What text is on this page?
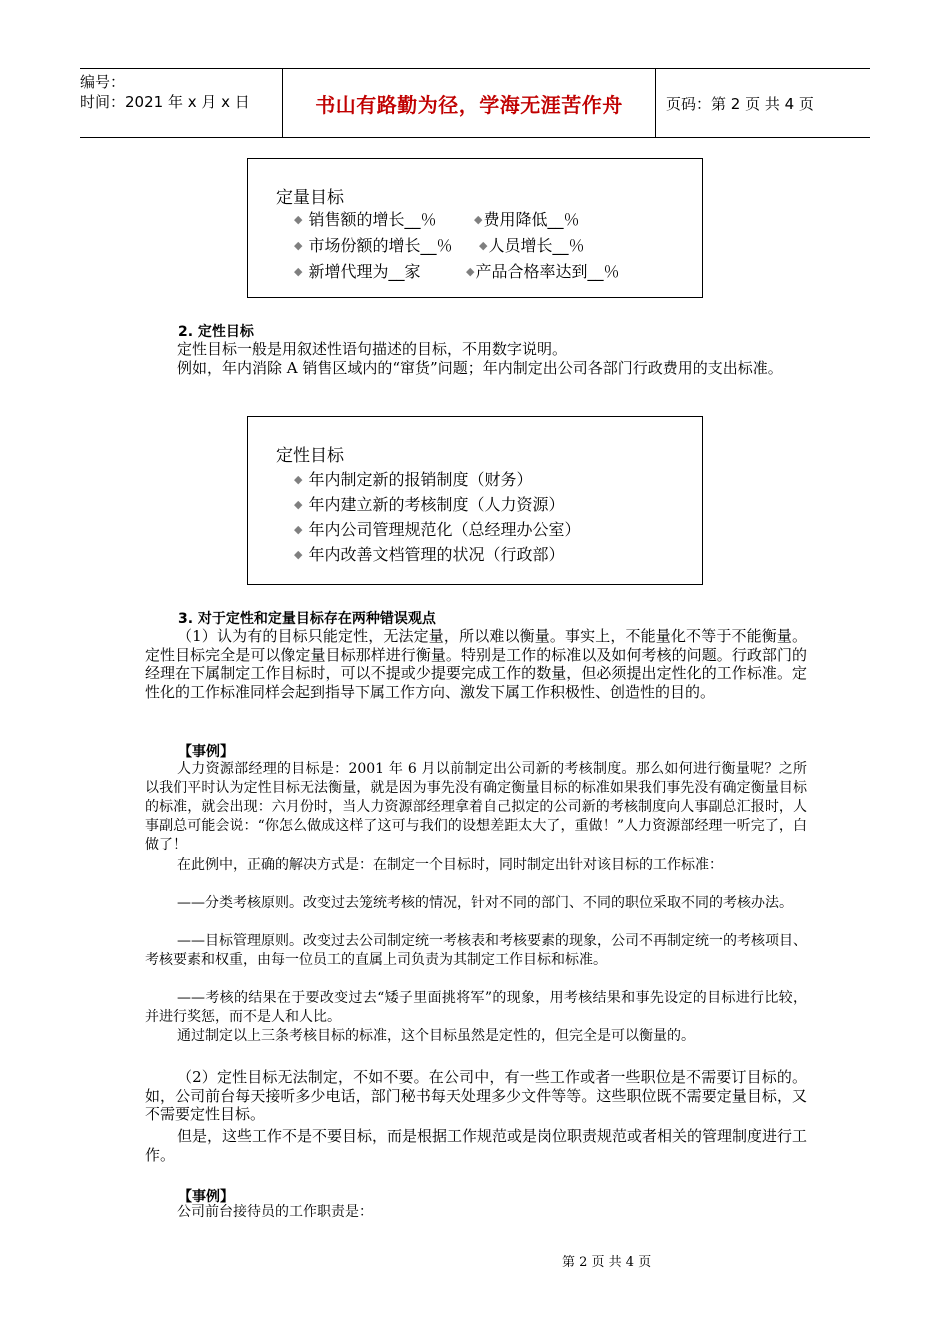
编号：
时间：2021 年 x 月 x 日	书山有路勤为径，学海无涯苦作舟	页码：第 2 页 共 4 页
定量目标
◆ 销售额的增长__％	◆费用降低__％
◆ 市场份额的增长__％ ◆人员增长__％
◆ 新增代理为__家	◆产品合格率达到__％
2. 定性目标
定性目标一般是用叙述性语句描述的目标，不用数字说明。
例如，年内消除 A 销售区域内的“窜货”问题；年内制定出公司各部门行政费用的支出标准。
定性目标
◆ 年内制定新的报销制度（财务）
◆ 年内建立新的考核制度（人力资源）
◆ 年内公司管理规范化（总经理办公室）
◆ 年内改善文档管理的状况（行政部）
3. 对于定性和定量目标存在两种错误观点
（1）认为有的目标只能定性，无法定量，所以难以衡量。事实上，不能量化不等于不能衡量。定性目标完全是可以像定量目标那样进行衡量。特别是工作的标准以及如何考核的问题。行政部门的经理在下属制定工作目标时，可以不提或少提要完成工作的数量，但必须提出定性化的工作标准。定性化的工作标准同样会起到指导下属工作方向、激发下属工作积极性、创造性的目的。
【事例】
人力资源部经理的目标是：2001 年 6 月以前制定出公司新的考核制度。那么如何进行衡量呢？之所以我们平时认为定性目标无法衡量，就是因为事先没有确定衡量目标的标准如果我们事先没有确定衡量目标的标准，就会出现：六月份时，当人力资源部经理拿着自己拟定的公司新的考核制度向人事副总汇报时，人事副总可能会说：“你怎么做成这样了这可与我们的设想差距太大了，重做！”人力资源部经理一听完了，白做了！
在此例中，正确的解决方式是：在制定一个目标时，同时制定出针对该目标的工作标准：
——分类考核原则。改变过去笼统考核的情况，针对不同的部门、不同的职位采取不同的考核办法。
——目标管理原则。改变过去公司制定统一考核表和考核要素的现象，公司不再制定统一的考核项目、考核要素和权重，由每一位员工的直属上司负责为其制定工作目标和标准。
——考核的结果在于要改变过去“矮子里面挑将军”的现象，用考核结果和事先设定的目标进行比较，并进行奖惩，而不是人和人比。
通过制定以上三条考核目标的标准，这个目标虽然是定性的，但完全是可以衡量的。
（2）定性目标无法制定，不如不要。在公司中，有一些工作或者一些职位是不需要订目标的。如，公司前台每天接听多少电话，部门秘书每天处理多少文件等等。这些职位既不需要定量目标，又不需要定性目标。
但是，这些工作不是不要目标，而是根据工作规范或是岗位职责规范或者相关的管理制度进行工作。
【事例】
公司前台接待员的工作职责是：
第 2 页 共 4 页
